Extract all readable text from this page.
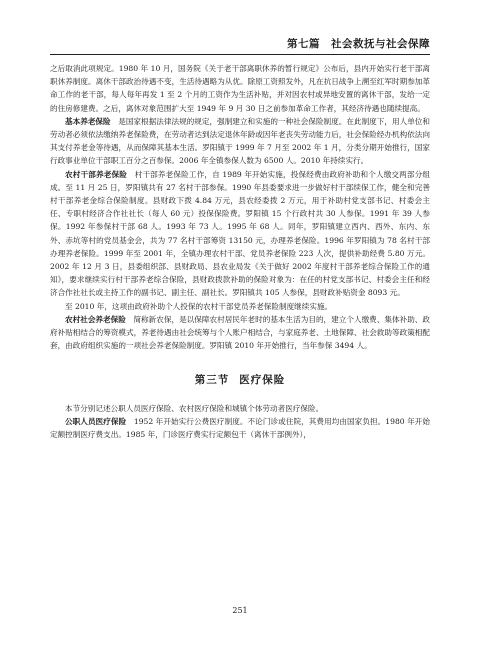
第七篇　社会救抚与社会保障

之后取消此项规定。1980 年 10 月，国务院《关于老干部离职休养的暂行规定》公布后，县内开始实行老干部离职休养制度。离休干部政治待遇不变，生活待遇略为从优。除原工资照发外，凡在抗日战争上溯至红军时期参加革命工作的老干部，每人每年再发 1 至 2 个月的工资作为生活补贴，并对因农村或异地安置的离休干部，发给一定的住房修建费。之后，离休对象范围扩大至 1949 年 9 月 30 日之前参加革命工作者，其经济待遇也随续提高。

基本养老保险　是国家根据法律法规的规定，强制建立和实施的一种社会保险制度。在此制度下，用人单位和劳动者必须依法缴纳养老保险费，在劳动者达到法定退休年龄或因年老丧失劳动能力后，社会保险经办机构依法向其支付养老金等待遇，从而保障其基本生活。罗阳镇于 1999 年 7 月至 2002 年 1 月，分类分期开始推行，国家行政事业单位干部职工百分之百参保。2006 年全镇参保人数为 6500 人。2010 年持续实行。

农村干部养老保险　村干部养老保险工作，自 1989 年开始实施，投保经费由政府补助和个人缴交两部分组成。至 11 月 25 日，罗阳镇共有 27 名村干部参保。1990 年县委要求进一步做好村干部续保工作，健全和完善村干部养老金综合保险制度。县财政下拨 4.84 万元，县农经委拨 2 万元，用于补助村党支部书记、村委会主任、专职村经济合作社社长（每人 60 元）投保保险费。罗阳镇 15 个行政村共 30 人参保。1991 年 39 人参保。1992 年参保村干部 68 人。1993 年 73 人。1995 年 68 人。同年，罗阳镇建立西内、西外、东内、东外、赤坑等村的党员基金会，共为 77 名村干部筹资 13150 元，办理养老保险。1996 年罗阳镇为 78 名村干部办理养老保险。1999 年至 2001 年，全镇办理农村干部、党员养老保险 223 人次，提供补助经费 5.80 万元。2002 年 12 月 3 日，县委组织部、县财政局、县农业局发《关于做好 2002 年度村干部养老综合保险工作的通知》，要求继续实行村干部养老综合保险，县财政拨款补助的保险对象为：在任的村党支部书记、村委会主任和经济合作社社长或主持工作的副书记、副主任、副社长。罗阳镇共 105 人参保，县财政补贴资金 8093 元。

至 2010 年，这项由政府补助个人投保的农村干部党员养老保险制度继续实施。

农村社会养老保险　简称新农保，是以保障农村居民年老时的基本生活为目的，建立个人缴费、集体补助、政府补贴相结合的筹资模式，养老待遇由社会统筹与个人账户相结合，与家庭养老、土地保障、社会救助等政策相配套，由政府组织实施的一项社会养老保险制度。罗阳镇 2010 年开始推行，当年参保 3494 人。

第三节 医疗保险

本节分别记述公职人员医疗保险、农村医疗保险和城镇个体劳动者医疗保险。

公职人员医疗保险　1952 年开始实行公费医疗制度。不论门诊或住院，其费用均由国家负担。1980 年开始定额控制医疗费支出。1985 年，门诊医疗费实行定额包干（离休干部例外），

251
